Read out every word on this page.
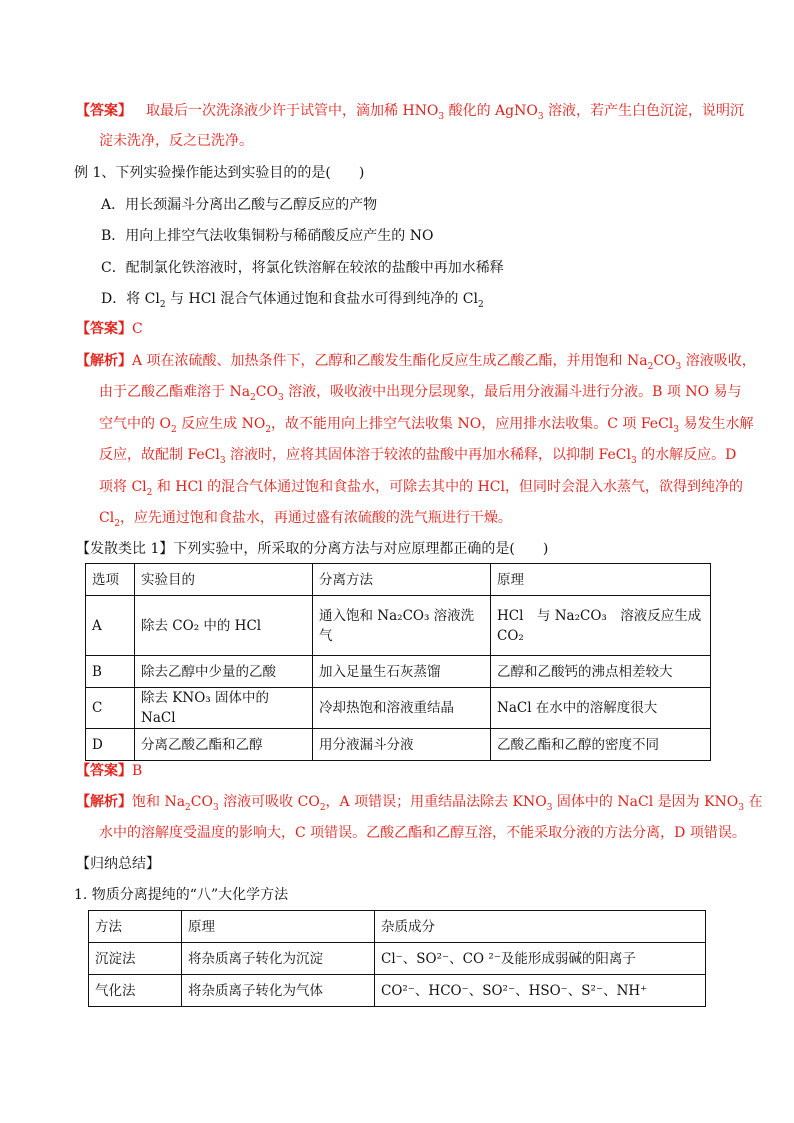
【答案】 取最后一次洗涤液少许于试管中，滴加稀 $HNO_3$ 酸化的 AgNO$_3$ 溶液，若产生白色沉淀，说明沉
淀未洗净，反之已洗净。
例 1、下列实验操作能达到实验目的的是(　　)
A．用长颈漏斗分离出乙酸与乙醇反应的产物
B．用向上排空气法收集铜粉与稀硝酸反应产生的 NO
C．配制氯化铁溶液时，将氯化铁溶解在较浓的盐酸中再加水稀释
D．将 $Cl_2$ 与 HCl 混合气体通过饱和食盐水可得到纯净的 $Cl_2$
【答案】C
【解析】A 项在浓硫酸、加热条件下，乙醇和乙酸发生酯化反应生成乙酸乙酯，并用饱和 $Na_2CO_3$ 溶液吸收，
由于乙酸乙酯难溶于 $Na_2CO_3$ 溶液，吸收液中出现分层现象，最后用分液漏斗进行分液。B 项 NO 易与
空气中的 $O_2$ 反应生成 $NO_2$，故不能用向上排空气法收集 NO，应用排水法收集。C 项 FeCl$_3$ 易发生水解
反应，故配制 FeCl$_3$ 溶液时，应将其固体溶于较浓的盐酸中再加水稀释，以抑制 FeCl$_3$ 的水解反应。D
项将 $Cl_2$ 和 HCl 的混合气体通过饱和食盐水，可除去其中的 HCl，但同时会混入水蒸气，欲得到纯净的
$Cl_2$，应先通过饱和食盐水，再通过盛有浓硫酸的洗气瓶进行干燥。
【发散类比 1】下列实验中，所采取的分离方法与对应原理都正确的是(　　)
选项	实验目的	分离方法	原理
A	除去 CO₂ 中的 HCl	通入饱和 Na₂CO₃ 溶液洗气	HCl　与 Na₂CO₃　溶液反应生成 CO₂
B	除去乙醇中少量的乙酸	加入足量生石灰蒸馏	乙醇和乙酸钙的沸点相差较大
C	除去 KNO₃ 固体中的 NaCl	冷却热饱和溶液重结晶	NaCl 在水中的溶解度很大
D	分离乙酸乙酯和乙醇	用分液漏斗分液	乙酸乙酯和乙醇的密度不同
【答案】B
【解析】饱和 $Na_2CO_3$ 溶液可吸收 $CO_2$，A 项错误；用重结晶法除去 $KNO_3$ 固体中的 NaCl 是因为 $KNO_3$ 在
水中的溶解度受温度的影响大，C 项错误。乙酸乙酯和乙醇互溶，不能采取分液的方法分离，D 项错误。
【归纳总结】
1. 物质分离提纯的“八”大化学方法
方法	原理	杂质成分
沉淀法	将杂质离子转化为沉淀	Cl⁻、SO²⁻、CO ²⁻及能形成弱碱的阳离子
气化法	将杂质离子转化为气体	CO²⁻、HCO⁻、SO²⁻、HSO⁻、S²⁻、NH⁺
